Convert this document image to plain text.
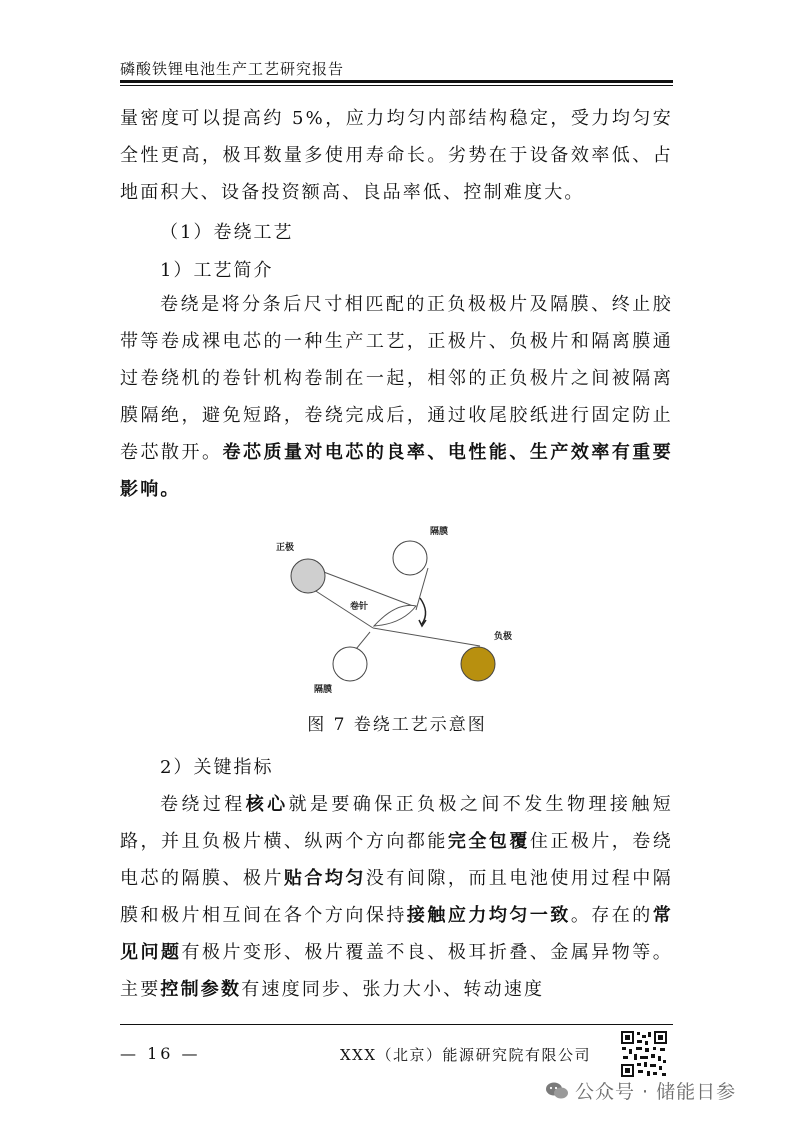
磷酸铁锂电池生产工艺研究报告

量密度可以提高约 5%，应力均匀内部结构稳定，受力均匀安全性更高，极耳数量多使用寿命长。劣势在于设备效率低、占地面积大、设备投资额高、良品率低、控制难度大。

（1）卷绕工艺

1）工艺简介

卷绕是将分条后尺寸相匹配的正负极极片及隔膜、终止胶带等卷成裸电芯的一种生产工艺，正极片、负极片和隔离膜通过卷绕机的卷针机构卷制在一起，相邻的正负极片之间被隔离膜隔绝，避免短路，卷绕完成后，通过收尾胶纸进行固定防止卷芯散开。卷芯质量对电芯的良率、电性能、生产效率有重要影响。

正极
隔膜
卷针
负极
隔膜

图 7 卷绕工艺示意图

2）关键指标

卷绕过程核心就是要确保正负极之间不发生物理接触短路，并且负极片横、纵两个方向都能完全包覆住正极片，卷绕电芯的隔膜、极片贴合均匀没有间隙，而且电池使用过程中隔膜和极片相互间在各个方向保持接触应力均匀一致。存在的常见问题有极片变形、极片覆盖不良、极耳折叠、金属异物等。主要控制参数有速度同步、张力大小、转动速度

— 16 —	XXX（北京）能源研究院有限公司
公众号 · 储能日参
